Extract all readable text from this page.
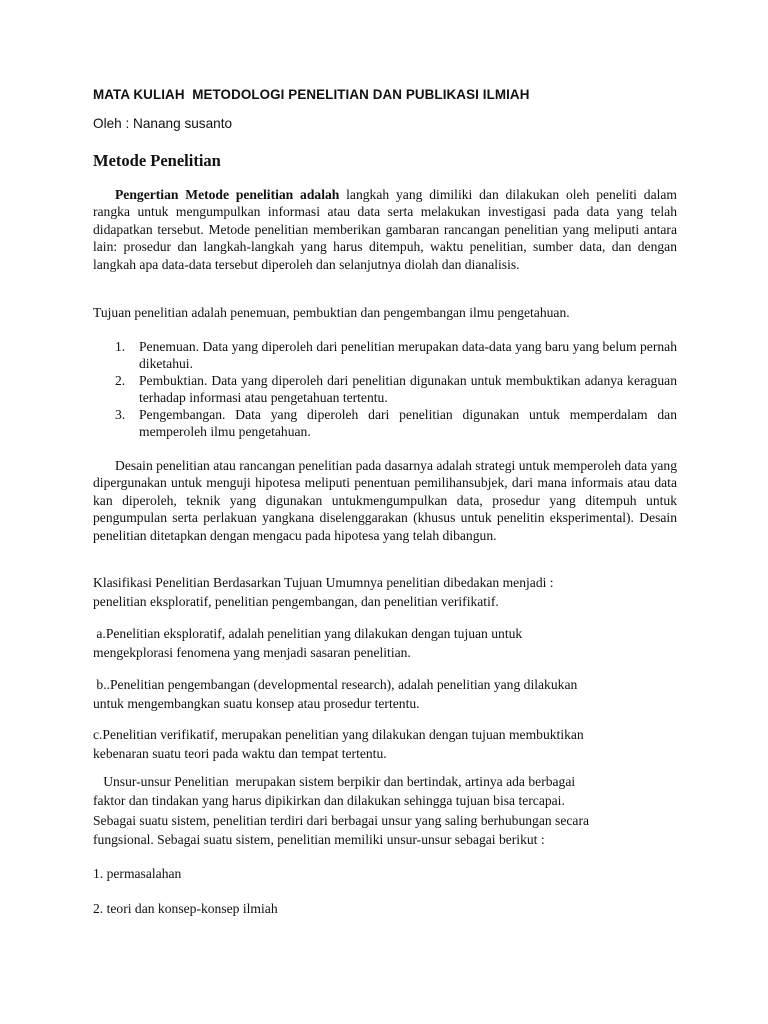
MATA KULIAH  METODOLOGI PENELITIAN DAN PUBLIKASI ILMIAH
Oleh : Nanang susanto
Metode Penelitian

Pengertian Metode penelitian adalah langkah yang dimiliki dan dilakukan oleh peneliti dalam rangka untuk mengumpulkan informasi atau data serta melakukan investigasi pada data yang telah didapatkan tersebut. Metode penelitian memberikan gambaran rancangan penelitian yang meliputi antara lain: prosedur dan langkah-langkah yang harus ditempuh, waktu penelitian, sumber data, dan dengan langkah apa data-data tersebut diperoleh dan selanjutnya diolah dan dianalisis.

Tujuan penelitian adalah penemuan, pembuktian dan pengembangan ilmu pengetahuan.

1. Penemuan. Data yang diperoleh dari penelitian merupakan data-data yang baru yang belum pernah diketahui.
2. Pembuktian. Data yang diperoleh dari penelitian digunakan untuk membuktikan adanya keraguan terhadap informasi atau pengetahuan tertentu.
3. Pengembangan. Data yang diperoleh dari penelitian digunakan untuk memperdalam dan memperoleh ilmu pengetahuan.

Desain penelitian atau rancangan penelitian pada dasarnya adalah strategi untuk memperoleh data yang dipergunakan untuk menguji hipotesa meliputi penentuan pemilihansubjek, dari mana informais atau data kan diperoleh, teknik yang digunakan untukmengumpulkan data, prosedur yang ditempuh untuk pengumpulan serta perlakuan yangkana diselenggarakan (khusus untuk penelitin eksperimental). Desain penelitian ditetapkan dengan mengacu pada hipotesa yang telah dibangun.

Klasifikasi Penelitian Berdasarkan Tujuan Umumnya penelitian dibedakan menjadi :
penelitian eksploratif, penelitian pengembangan, dan penelitian verifikatif.
a.Penelitian eksploratif, adalah penelitian yang dilakukan dengan tujuan untuk
mengekplorasi fenomena yang menjadi sasaran penelitian.
b..Penelitian pengembangan (developmental research), adalah penelitian yang dilakukan
untuk mengembangkan suatu konsep atau prosedur tertentu.
c.Penelitian verifikatif, merupakan penelitian yang dilakukan dengan tujuan membuktikan
kebenaran suatu teori pada waktu dan tempat tertentu.
Unsur-unsur Penelitian  merupakan sistem berpikir dan bertindak, artinya ada berbagai
faktor dan tindakan yang harus dipikirkan dan dilakukan sehingga tujuan bisa tercapai.
Sebagai suatu sistem, penelitian terdiri dari berbagai unsur yang saling berhubungan secara
fungsional. Sebagai suatu sistem, penelitian memiliki unsur-unsur sebagai berikut :
1. permasalahan
2. teori dan konsep-konsep ilmiah
